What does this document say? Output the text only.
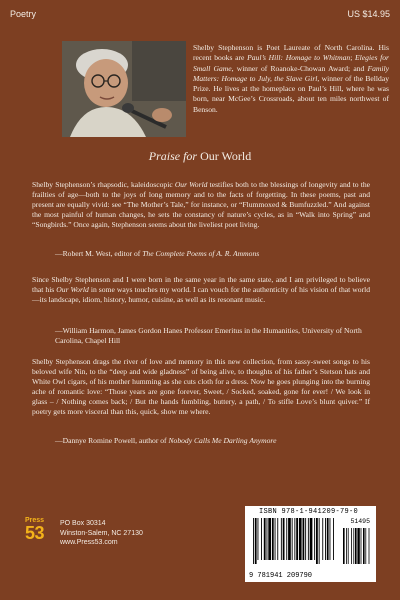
Poetry	US $14.95
Shelby Stephenson is Poet Laureate of North Carolina. His recent books are Paul’s Hill: Homage to Whitman; Elegies for Small Game, winner of Roanoke-Chowan Award; and Family Matters: Homage to July, the Slave Girl, winner of the Bellday Prize. He lives at the homeplace on Paul’s Hill, where he was born, near McGee’s Crossroads, about ten miles northwest of Benson.
Praise for Our World
Shelby Stephenson’s rhapsodic, kaleidoscopic Our World testifies both to the blessings of longevity and to the frailties of age—both to the joys of long memory and to the facts of forgetting. In these poems, past and present are equally vivid: see “The Mother’s Tale,” for instance, or “Flummoxed & Bumfuzzled.” And against the most painful of human changes, he sets the constancy of nature’s cycles, as in “Walk into Spring” and “Songbirds.” Once again, Stephenson seems about the liveliest poet living.
—Robert M. West, editor of The Complete Poems of A. R. Ammons
Since Shelby Stephenson and I were born in the same year in the same state, and I am privileged to believe that his Our World in some ways touches my world. I can vouch for the authenticity of his vision of that world—its landscape, idiom, history, humor, cuisine, as well as its resonant music.
—William Harmon, James Gordon Hanes Professor Emeritus in the Humanities, University of North Carolina, Chapel Hill
Shelby Stephenson drags the river of love and memory in this new collection, from sassy-sweet songs to his beloved wife Nin, to the “deep and wide gladness” of being alive, to thoughts of his father’s Stetson hats and White Owl cigars, of his mother humming as she cuts cloth for a dress. Now he goes plunging into the burning ache of romantic love: “Those years are gone forever, Sweet, / Socked, soaked, gone for ever! / We look in glass – / Nothing comes back; / But the hands fumbling, buttery, a path, / To stifle Love’s blunt quiver.” If poetry gets more visceral than this, quick, show me where.
—Dannye Romine Powell, author of Nobody Calls Me Darling Anymore
Press
53	PO Box 30314
Winston-Salem, NC 27130
www.Press53.com
ISBN 978-1-941209-79-0
51495
9 781941 209790
